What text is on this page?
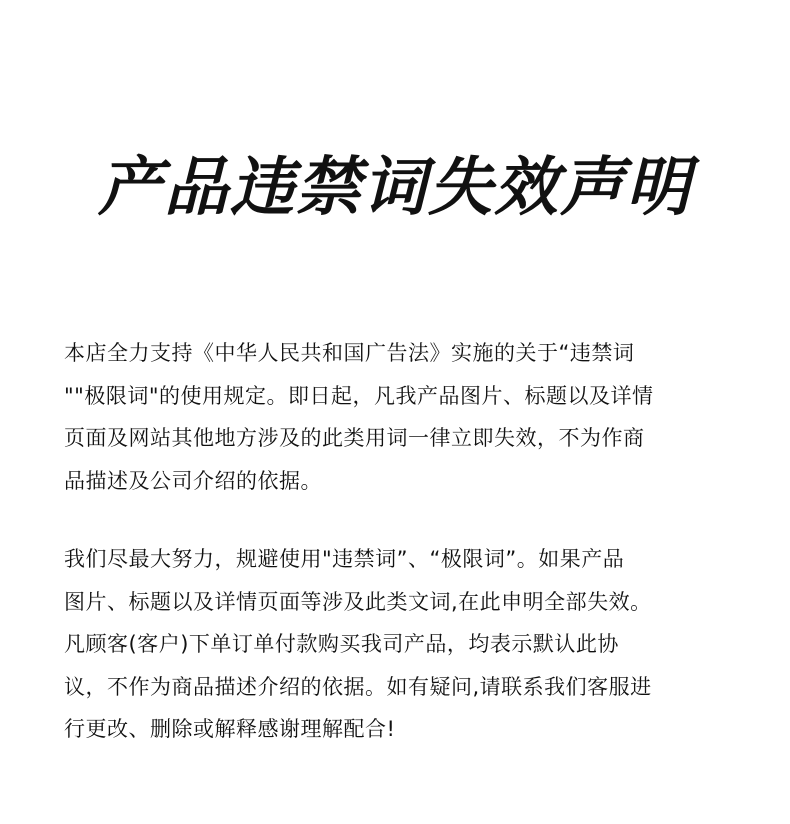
产品违禁词失效声明
本店全力支持《中华人民共和国广告法》实施的关于“违禁词
""极限词"的使用规定。即日起，凡我产品图片、标题以及详情
页面及网站其他地方涉及的此类用词一律立即失效，不为作商
品描述及公司介绍的依据。
我们尽最大努力，规避使用"违禁词”、“极限词”。如果产品
图片、标题以及详情页面等涉及此类文词,在此申明全部失效。
凡顾客(客户)下单订单付款购买我司产品，均表示默认此协
议，不作为商品描述介绍的依据。如有疑问,请联系我们客服进
行更改、删除或解释感谢理解配合!
